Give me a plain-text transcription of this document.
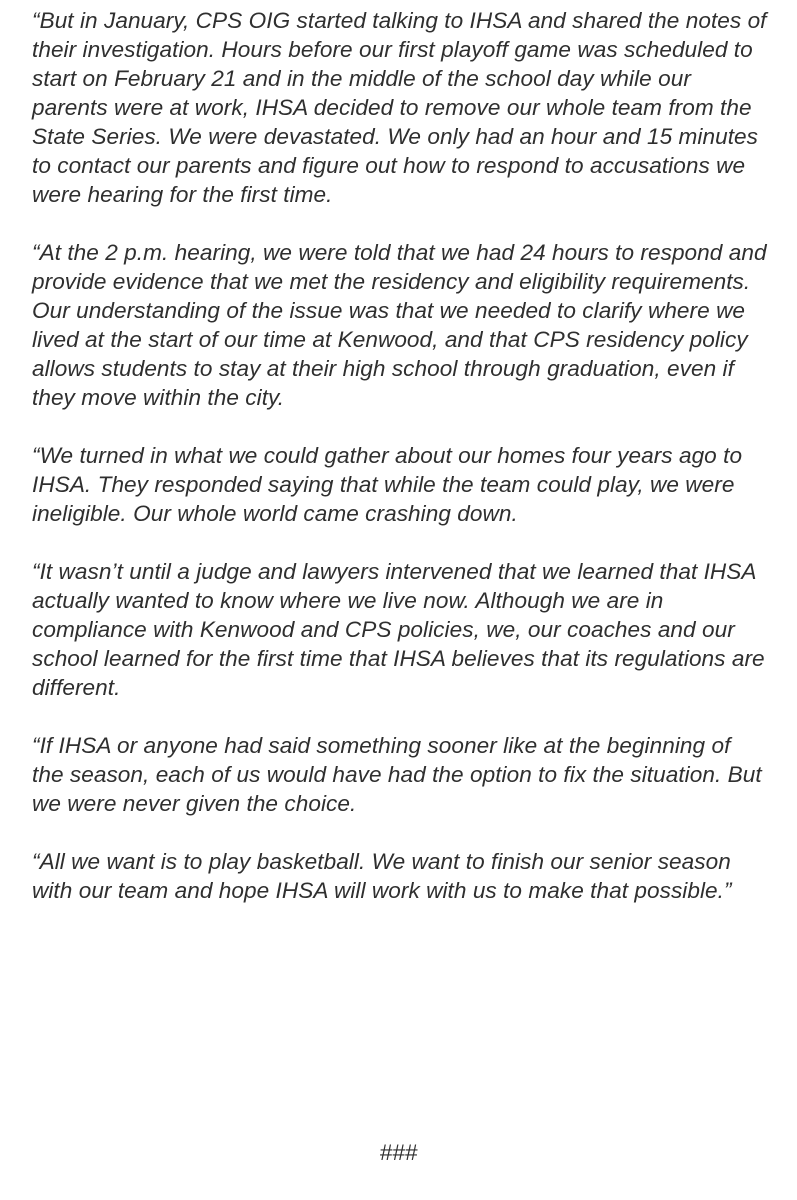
“But in January, CPS OIG started talking to IHSA and shared the notes of their investigation. Hours before our first playoff game was scheduled to start on February 21 and in the middle of the school day while our parents were at work, IHSA decided to remove our whole team from the State Series. We were devastated. We only had an hour and 15 minutes to contact our parents and figure out how to respond to accusations we were hearing for the first time.

“At the 2 p.m. hearing, we were told that we had 24 hours to respond and provide evidence that we met the residency and eligibility requirements. Our understanding of the issue was that we needed to clarify where we lived at the start of our time at Kenwood, and that CPS residency policy allows students to stay at their high school through graduation, even if they move within the city.

“We turned in what we could gather about our homes four years ago to IHSA. They responded saying that while the team could play, we were ineligible. Our whole world came crashing down.

“It wasn’t until a judge and lawyers intervened that we learned that IHSA actually wanted to know where we live now. Although we are in compliance with Kenwood and CPS policies, we, our coaches and our school learned for the first time that IHSA believes that its regulations are different.

“If IHSA or anyone had said something sooner like at the beginning of the season, each of us would have had the option to fix the situation. But we were never given the choice.

“All we want is to play basketball. We want to finish our senior season with our team and hope IHSA will work with us to make that possible.”

###
